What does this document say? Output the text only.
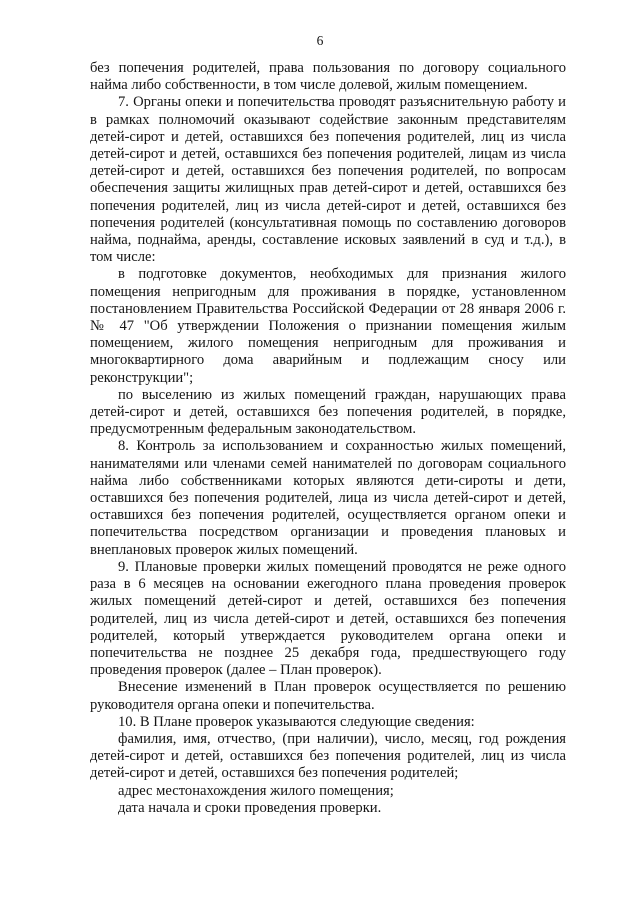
6

без попечения родителей, права пользования по договору социального найма либо собственности, в том числе долевой, жилым помещением.

7. Органы опеки и попечительства проводят разъяснительную работу и в рамках полномочий оказывают содействие законным представителям детей-сирот и детей, оставшихся без попечения родителей, лиц из числа детей-сирот и детей, оставшихся без попечения родителей, лицам из числа детей-сирот и детей, оставшихся без попечения родителей, по вопросам обеспечения защиты жилищных прав детей-сирот и детей, оставшихся без попечения родителей, лиц из числа детей-сирот и детей, оставшихся без попечения родителей (консультативная помощь по составлению договоров найма, поднайма, аренды, составление исковых заявлений в суд и т.д.), в том числе:

в подготовке документов, необходимых для признания жилого помещения непригодным для проживания в порядке, установленном постановлением Правительства Российской Федерации от 28 января 2006 г. № 47 "Об утверждении Положения о признании помещения жилым помещением, жилого помещения непригодным для проживания и многоквартирного дома аварийным и подлежащим сносу или реконструкции";

по выселению из жилых помещений граждан, нарушающих права детей-сирот и детей, оставшихся без попечения родителей, в порядке, предусмотренным федеральным законодательством.

8. Контроль за использованием и сохранностью жилых помещений, нанимателями или членами семей нанимателей по договорам социального найма либо собственниками которых являются дети-сироты и дети, оставшихся без попечения родителей, лица из числа детей-сирот и детей, оставшихся без попечения родителей, осуществляется органом опеки и попечительства посредством организации и проведения плановых и внеплановых проверок жилых помещений.

9. Плановые проверки жилых помещений проводятся не реже одного раза в 6 месяцев на основании ежегодного плана проведения проверок жилых помещений детей-сирот и детей, оставшихся без попечения родителей, лиц из числа детей-сирот и детей, оставшихся без попечения родителей, который утверждается руководителем органа опеки и попечительства не позднее 25 декабря года, предшествующего году проведения проверок (далее – План проверок).

Внесение изменений в План проверок осуществляется по решению руководителя органа опеки и попечительства.

10. В Плане проверок указываются следующие сведения:

фамилия, имя, отчество, (при наличии), число, месяц, год рождения детей-сирот и детей, оставшихся без попечения родителей, лиц из числа детей-сирот и детей, оставшихся без попечения родителей;

адрес местонахождения жилого помещения;

дата начала и сроки проведения проверки.
